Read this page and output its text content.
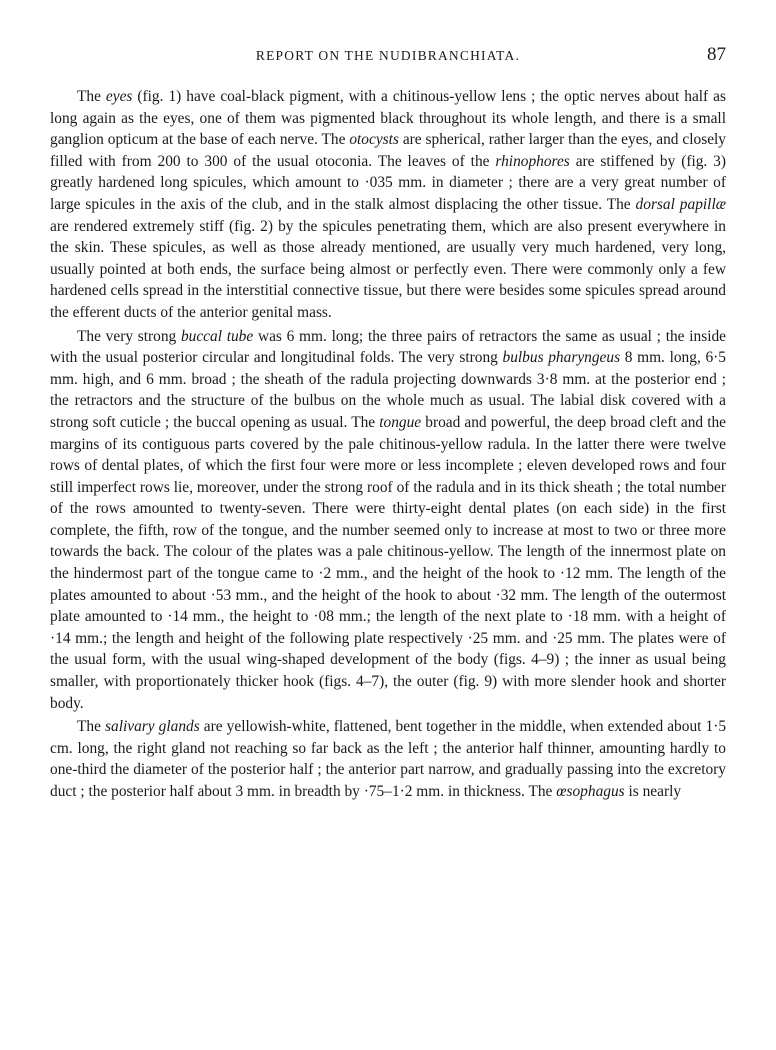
REPORT ON THE NUDIBRANCHIATA.	87

The eyes (fig. 1) have coal-black pigment, with a chitinous-yellow lens ; the optic nerves about half as long again as the eyes, one of them was pigmented black throughout its whole length, and there is a small ganglion opticum at the base of each nerve. The otocysts are spherical, rather larger than the eyes, and closely filled with from 200 to 300 of the usual otoconia. The leaves of the rhinophores are stiffened by (fig. 3) greatly hardened long spicules, which amount to ·035 mm. in diameter ; there are a very great number of large spicules in the axis of the club, and in the stalk almost displacing the other tissue. The dorsal papillæ are rendered extremely stiff (fig. 2) by the spicules penetrating them, which are also present everywhere in the skin. These spicules, as well as those already mentioned, are usually very much hardened, very long, usually pointed at both ends, the surface being almost or perfectly even. There were commonly only a few hardened cells spread in the interstitial connective tissue, but there were besides some spicules spread around the efferent ducts of the anterior genital mass.

The very strong buccal tube was 6 mm. long; the three pairs of retractors the same as usual ; the inside with the usual posterior circular and longitudinal folds. The very strong bulbus pharyngeus 8 mm. long, 6·5 mm. high, and 6 mm. broad ; the sheath of the radula projecting downwards 3·8 mm. at the posterior end ; the retractors and the structure of the bulbus on the whole much as usual. The labial disk covered with a strong soft cuticle ; the buccal opening as usual. The tongue broad and powerful, the deep broad cleft and the margins of its contiguous parts covered by the pale chitinous-yellow radula. In the latter there were twelve rows of dental plates, of which the first four were more or less incomplete ; eleven developed rows and four still imperfect rows lie, moreover, under the strong roof of the radula and in its thick sheath ; the total number of the rows amounted to twenty-seven. There were thirty-eight dental plates (on each side) in the first complete, the fifth, row of the tongue, and the number seemed only to increase at most to two or three more towards the back. The colour of the plates was a pale chitinous-yellow. The length of the innermost plate on the hindermost part of the tongue came to ·2 mm., and the height of the hook to ·12 mm. The length of the plates amounted to about ·53 mm., and the height of the hook to about ·32 mm. The length of the outermost plate amounted to ·14 mm., the height to ·08 mm.; the length of the next plate to ·18 mm. with a height of ·14 mm.; the length and height of the following plate respectively ·25 mm. and ·25 mm. The plates were of the usual form, with the usual wing-shaped development of the body (figs. 4–9) ; the inner as usual being smaller, with proportionately thicker hook (figs. 4–7), the outer (fig. 9) with more slender hook and shorter body.

The salivary glands are yellowish-white, flattened, bent together in the middle, when extended about 1·5 cm. long, the right gland not reaching so far back as the left ; the anterior half thinner, amounting hardly to one-third the diameter of the posterior half ; the anterior part narrow, and gradually passing into the excretory duct ; the posterior half about 3 mm. in breadth by ·75–1·2 mm. in thickness. The œsophagus is nearly
